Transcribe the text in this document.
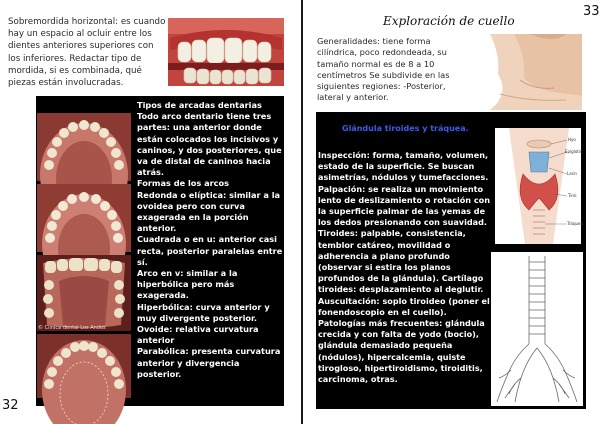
Sobremordida horizontal: es cuando hay un espacio al ocluir entre los dientes anteriores superiores con los inferiores. Redactar tipo de mordida, si es combinada, qué piezas están involucradas.

© Clínica dental Los Andes

Tipos de arcadas dentarias
Todo arco dentario tiene tres partes: una anterior donde están colocados los incisivos y caninos, y dos posteriores, que va de distal de caninos hacia atrás.
Formas de los arcos
Redonda o elíptica: similar a la ovoidea pero con curva exagerada en la porción anterior.
Cuadrada o en u: anterior casi recta, posterior paralelas entre sí.
Arco en v: similar a la hiperbólica pero más exagerada.
Hiperbólica: curva anterior y muy divergente posterior.
Ovoide: relativa curvatura anterior
Parabólica: presenta curvatura anterior y divergencia posterior.

32
33
Exploración de cuello

Generalidades: tiene forma cilíndrica, poco redondeada, su tamaño normal es de 8 a 10 centímetros Se subdivide en las siguientes regiones: -Posterior, lateral y anterior.

Glándula tiroides y tráquea.

Hyo
Epiglotis
Larin
Tiroi
Tráquea

Inspección: forma, tamaño, volumen, estado de la superficie. Se buscan asimetrías, nódulos y tumefacciones. Palpación: se realiza un movimiento lento de deslizamiento o rotación con la superficie palmar de las yemas de los dedos presionando con suavidad. Tiroides: palpable, consistencia, temblor catáreo, movilidad o adherencia a plano profundo (observar si estira los planos profundos de la glándula). Cartílago tiroides: desplazamiento al deglutir. Auscultación: soplo tiroideo (poner el fonendoscopio en el cuello). Patologías más frecuentes: glándula crecida y con falta de yodo (bocio), glándula demasiado pequeña (nódulos), hipercalcemia, quiste tirogloso, hipertiroidismo, tiroiditis, carcinoma, otras.
